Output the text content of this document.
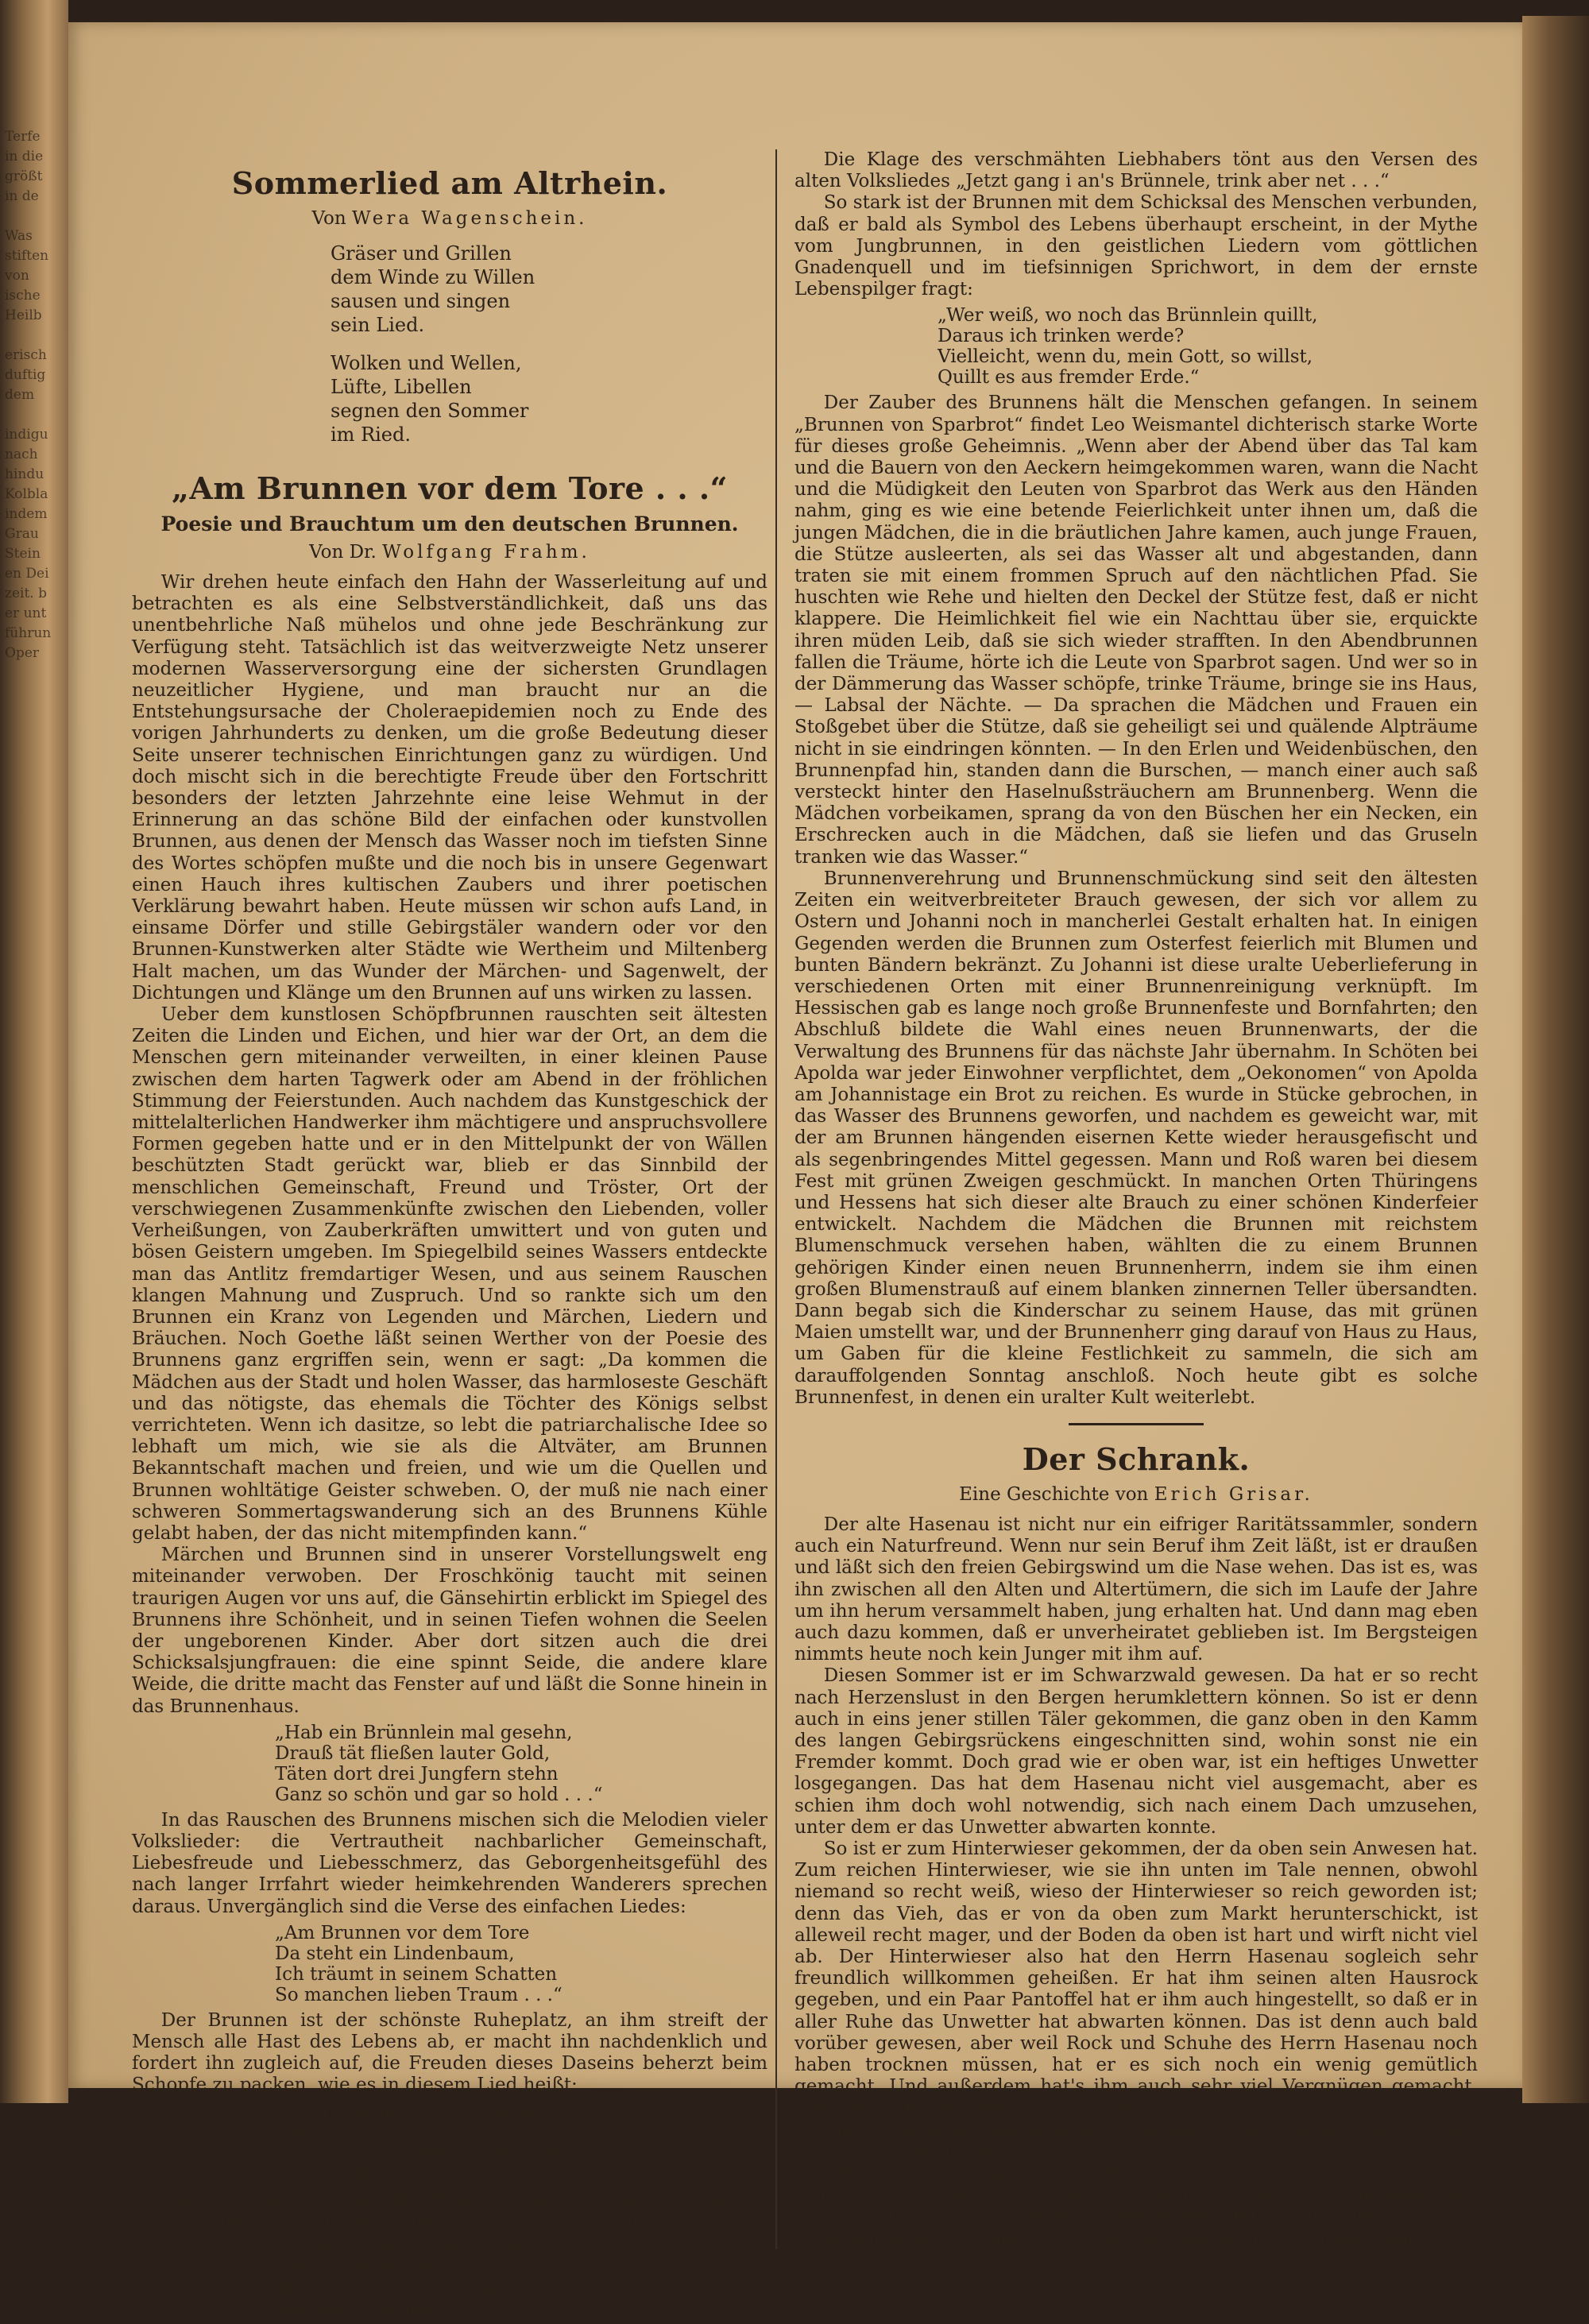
Terfe
in die
größt
in de

Was
stiften
von
ische
Heilb

erisch
duftig
dem

indigu
nach
hindu
Kolbla
indem
Grau
Stein
en Dei
zeit. b
er unt
führun
Oper
Sommerlied am Altrhein.
Von Wera Wagenschein.
Gräser und Grillen
dem Winde zu Willen
sausen und singen
sein Lied.
Wolken und Wellen,
Lüfte, Libellen
segnen den Sommer
im Ried.
„Am Brunnen vor dem Tore . . .“
Poesie und Brauchtum um den deutschen Brunnen.
Von Dr. Wolfgang Frahm.

Wir drehen heute einfach den Hahn der Wasserleitung auf und betrachten es als eine Selbstverständlichkeit, daß uns das unentbehrliche Naß mühelos und ohne jede Beschränkung zur Verfügung steht. Tatsächlich ist das weitverzweigte Netz unserer modernen Wasserversorgung eine der sichersten Grundlagen neuzeitlicher Hygiene, und man braucht nur an die Entstehungsursache der Choleraepidemien noch zu Ende des vorigen Jahrhunderts zu denken, um die große Bedeutung dieser Seite unserer technischen Einrichtungen ganz zu würdigen. Und doch mischt sich in die berechtigte Freude über den Fortschritt besonders der letzten Jahrzehnte eine leise Wehmut in der Erinnerung an das schöne Bild der einfachen oder kunstvollen Brunnen, aus denen der Mensch das Wasser noch im tiefsten Sinne des Wortes schöpfen mußte und die noch bis in unsere Gegenwart einen Hauch ihres kultischen Zaubers und ihrer poetischen Verklärung bewahrt haben. Heute müssen wir schon aufs Land, in einsame Dörfer und stille Gebirgstäler wandern oder vor den Brunnen-Kunstwerken alter Städte wie Wertheim und Miltenberg Halt machen, um das Wunder der Märchen- und Sagenwelt, der Dichtungen und Klänge um den Brunnen auf uns wirken zu lassen.

Ueber dem kunstlosen Schöpfbrunnen rauschten seit ältesten Zeiten die Linden und Eichen, und hier war der Ort, an dem die Menschen gern miteinander verweilten, in einer kleinen Pause zwischen dem harten Tagwerk oder am Abend in der fröhlichen Stimmung der Feierstunden. Auch nachdem das Kunstgeschick der mittelalterlichen Handwerker ihm mächtigere und anspruchsvollere Formen gegeben hatte und er in den Mittelpunkt der von Wällen beschützten Stadt gerückt war, blieb er das Sinnbild der menschlichen Gemeinschaft, Freund und Tröster, Ort der verschwiegenen Zusammenkünfte zwischen den Liebenden, voller Verheißungen, von Zauberkräften umwittert und von guten und bösen Geistern umgeben. Im Spiegelbild seines Wassers entdeckte man das Antlitz fremdartiger Wesen, und aus seinem Rauschen klangen Mahnung und Zuspruch. Und so rankte sich um den Brunnen ein Kranz von Legenden und Märchen, Liedern und Bräuchen. Noch Goethe läßt seinen Werther von der Poesie des Brunnens ganz ergriffen sein, wenn er sagt: „Da kommen die Mädchen aus der Stadt und holen Wasser, das harmloseste Geschäft und das nötigste, das ehemals die Töchter des Königs selbst verrichteten. Wenn ich dasitze, so lebt die patriarchalische Idee so lebhaft um mich, wie sie als die Altväter, am Brunnen Bekanntschaft machen und freien, und wie um die Quellen und Brunnen wohltätige Geister schweben. O, der muß nie nach einer schweren Sommertagswanderung sich an des Brunnens Kühle gelabt haben, der das nicht mitempfinden kann.“

Märchen und Brunnen sind in unserer Vorstellungswelt eng miteinander verwoben. Der Froschkönig taucht mit seinen traurigen Augen vor uns auf, die Gänsehirtin erblickt im Spiegel des Brunnens ihre Schönheit, und in seinen Tiefen wohnen die Seelen der ungeborenen Kinder. Aber dort sitzen auch die drei Schicksalsjungfrauen: die eine spinnt Seide, die andere klare Weide, die dritte macht das Fenster auf und läßt die Sonne hinein in das Brunnenhaus.

„Hab ein Brünnlein mal gesehn,
Drauß tät fließen lauter Gold,
Täten dort drei Jungfern stehn
Ganz so schön und gar so hold . . .“

In das Rauschen des Brunnens mischen sich die Melodien vieler Volkslieder: die Vertrautheit nachbarlicher Gemeinschaft, Liebesfreude und Liebesschmerz, das Geborgenheitsgefühl des nach langer Irrfahrt wieder heimkehrenden Wanderers sprechen daraus. Unvergänglich sind die Verse des einfachen Liedes:

„Am Brunnen vor dem Tore
Da steht ein Lindenbaum,
Ich träumt in seinem Schatten
So manchen lieben Traum . . .“

Der Brunnen ist der schönste Ruheplatz, an ihm streift der Mensch alle Hast des Lebens ab, er macht ihn nachdenklich und fordert ihn zugleich auf, die Freuden dieses Daseins beherzt beim Schopfe zu packen, wie es in diesem Lied heißt:

„Die Brünnlein, die da fließen,
Die soll man trinken,
Und der ein' lieben Buhlen hat,
Der soll ihm winken . . .“

Dem Brunnen vertraut der Mensch seufzend seine Leiden und Enttäuschungen an, Liebessehnsucht und Liebeskummer:

„Wenn ich zum Brünnle geh,
Seh andre Mädle steh,
All stehn bei ihrem Schatz,
Wer steht bei mir?“

Die Klage des verschmähten Liebhabers tönt aus den Versen des alten Volksliedes „Jetzt gang i an's Brünnele, trink aber net . . .“

So stark ist der Brunnen mit dem Schicksal des Menschen verbunden, daß er bald als Symbol des Lebens überhaupt erscheint, in der Mythe vom Jungbrunnen, in den geistlichen Liedern vom göttlichen Gnadenquell und im tiefsinnigen Sprichwort, in dem der ernste Lebenspilger fragt:

„Wer weiß, wo noch das Brünnlein quillt,
Daraus ich trinken werde?
Vielleicht, wenn du, mein Gott, so willst,
Quillt es aus fremder Erde.“

Der Zauber des Brunnens hält die Menschen gefangen. In seinem „Brunnen von Sparbrot“ findet Leo Weismantel dichterisch starke Worte für dieses große Geheimnis. „Wenn aber der Abend über das Tal kam und die Bauern von den Aeckern heimgekommen waren, wann die Nacht und die Müdigkeit den Leuten von Sparbrot das Werk aus den Händen nahm, ging es wie eine betende Feierlichkeit unter ihnen um, daß die jungen Mädchen, die in die bräutlichen Jahre kamen, auch junge Frauen, die Stütze ausleerten, als sei das Wasser alt und abgestanden, dann traten sie mit einem frommen Spruch auf den nächtlichen Pfad. Sie huschten wie Rehe und hielten den Deckel der Stütze fest, daß er nicht klappere. Die Heimlichkeit fiel wie ein Nachttau über sie, erquickte ihren müden Leib, daß sie sich wieder strafften. In den Abendbrunnen fallen die Träume, hörte ich die Leute von Sparbrot sagen. Und wer so in der Dämmerung das Wasser schöpfe, trinke Träume, bringe sie ins Haus, — Labsal der Nächte. — Da sprachen die Mädchen und Frauen ein Stoßgebet über die Stütze, daß sie geheiligt sei und quälende Alpträume nicht in sie eindringen könnten. — In den Erlen und Weidenbüschen, den Brunnenpfad hin, standen dann die Burschen, — manch einer auch saß versteckt hinter den Haselnußsträuchern am Brunnenberg. Wenn die Mädchen vorbeikamen, sprang da von den Büschen her ein Necken, ein Erschrecken auch in die Mädchen, daß sie liefen und das Gruseln tranken wie das Wasser.“

Brunnenverehrung und Brunnenschmückung sind seit den ältesten Zeiten ein weitverbreiteter Brauch gewesen, der sich vor allem zu Ostern und Johanni noch in mancherlei Gestalt erhalten hat. In einigen Gegenden werden die Brunnen zum Osterfest feierlich mit Blumen und bunten Bändern bekränzt. Zu Johanni ist diese uralte Ueberlieferung in verschiedenen Orten mit einer Brunnenreinigung verknüpft. Im Hessischen gab es lange noch große Brunnenfeste und Bornfahrten; den Abschluß bildete die Wahl eines neuen Brunnenwarts, der die Verwaltung des Brunnens für das nächste Jahr übernahm. In Schöten bei Apolda war jeder Einwohner verpflichtet, dem „Oekonomen“ von Apolda am Johannistage ein Brot zu reichen. Es wurde in Stücke gebrochen, in das Wasser des Brunnens geworfen, und nachdem es geweicht war, mit der am Brunnen hängenden eisernen Kette wieder herausgefischt und als segenbringendes Mittel gegessen. Mann und Roß waren bei diesem Fest mit grünen Zweigen geschmückt. In manchen Orten Thüringens und Hessens hat sich dieser alte Brauch zu einer schönen Kinderfeier entwickelt. Nachdem die Mädchen die Brunnen mit reichstem Blumenschmuck versehen haben, wählten die zu einem Brunnen gehörigen Kinder einen neuen Brunnenherrn, indem sie ihm einen großen Blumenstrauß auf einem blanken zinnernen Teller übersandten. Dann begab sich die Kinderschar zu seinem Hause, das mit grünen Maien umstellt war, und der Brunnenherr ging darauf von Haus zu Haus, um Gaben für die kleine Festlichkeit zu sammeln, die sich am darauffolgenden Sonntag anschloß. Noch heute gibt es solche Brunnenfest, in denen ein uralter Kult weiterlebt.

Der Schrank.
Eine Geschichte von Erich Grisar.

Der alte Hasenau ist nicht nur ein eifriger Raritätssammler, sondern auch ein Naturfreund. Wenn nur sein Beruf ihm Zeit läßt, ist er draußen und läßt sich den freien Gebirgswind um die Nase wehen. Das ist es, was ihn zwischen all den Alten und Altertümern, die sich im Laufe der Jahre um ihn herum versammelt haben, jung erhalten hat. Und dann mag eben auch dazu kommen, daß er unverheiratet geblieben ist. Im Bergsteigen nimmts heute noch kein Junger mit ihm auf.

Diesen Sommer ist er im Schwarzwald gewesen. Da hat er so recht nach Herzenslust in den Bergen herumklettern können. So ist er denn auch in eins jener stillen Täler gekommen, die ganz oben in den Kamm des langen Gebirgsrückens eingeschnitten sind, wohin sonst nie ein Fremder kommt. Doch grad wie er oben war, ist ein heftiges Unwetter losgegangen. Das hat dem Hasenau nicht viel ausgemacht, aber es schien ihm doch wohl notwendig, sich nach einem Dach umzusehen, unter dem er das Unwetter abwarten konnte.

So ist er zum Hinterwieser gekommen, der da oben sein Anwesen hat. Zum reichen Hinterwieser, wie sie ihn unten im Tale nennen, obwohl niemand so recht weiß, wieso der Hinterwieser so reich geworden ist; denn das Vieh, das er von da oben zum Markt herunterschickt, ist alleweil recht mager, und der Boden da oben ist hart und wirft nicht viel ab. Der Hinterwieser also hat den Herrn Hasenau sogleich sehr freundlich willkommen geheißen. Er hat ihm seinen alten Hausrock gegeben, und ein Paar Pantoffel hat er ihm auch hingestellt, so daß er in aller Ruhe das Unwetter hat abwarten können. Das ist denn auch bald vorüber gewesen, aber weil Rock und Schuhe des Herrn Hasenau noch haben trocknen müssen, hat er es sich noch ein wenig gemütlich gemacht. Und außerdem hat's ihm auch sehr viel Vergnügen gemacht, hier oben auf der Ofenbank zu hocken.

Sind schöne alte Kacheln, hat er dann zu dem Hinterwieser gesagt, schätze 17. Jahrhundert.

Soll wohl sein, hat der Hinterwieser geantwortet. Ischt ein altes Stück. Heutzutage stellet man sich solch ein Ungetüm nicht mehr hin. Aber er hitzt noch gued. Mag er drum stehen bleiben auf seinem Platz.

Wirklich, ein schönes Stück, hat der Hasenau noch ein paarmal ge-
